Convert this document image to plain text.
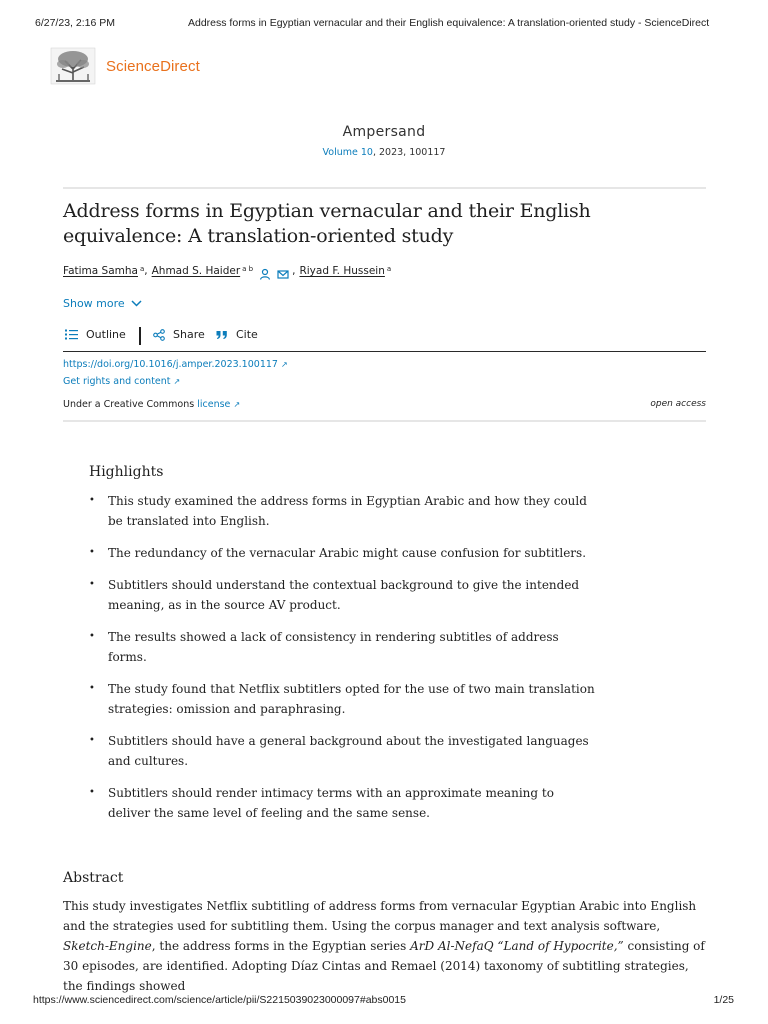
6/27/23, 2:16 PM	Address forms in Egyptian vernacular and their English equivalence: A translation-oriented study - ScienceDirect
ScienceDirect
Ampersand
Volume 10, 2023, 100117
Address forms in Egyptian vernacular and their English equivalence: A translation-oriented study
Fatima Samha a , Ahmad S. Haider a b	, Riyad F. Hussein a
Show more
Outline	Share	Cite
https://doi.org/10.1016/j.amper.2023.100117 ↗
Get rights and content ↗
Under a Creative Commons license ↗	open access
Highlights
• This study examined the address forms in Egyptian Arabic and how they could be translated into English.
• The redundancy of the vernacular Arabic might cause confusion for subtitlers.
• Subtitlers should understand the contextual background to give the intended meaning, as in the source AV product.
• The results showed a lack of consistency in rendering subtitles of address forms.
• The study found that Netflix subtitlers opted for the use of two main translation strategies: omission and paraphrasing.
• Subtitlers should have a general background about the investigated languages and cultures.
• Subtitlers should render intimacy terms with an approximate meaning to deliver the same level of feeling and the same sense.
Abstract

This study investigates Netflix subtitling of address forms from vernacular Egyptian Arabic into English and the strategies used for subtitling them. Using the corpus manager and text analysis software, Sketch-Engine, the address forms in the Egyptian series ArD Al-NefaQ “Land of Hypocrite,” consisting of 30 episodes, are identified. Adopting Díaz Cintas and Remael (2014) taxonomy of subtitling strategies, the findings showed

https://www.sciencedirect.com/science/article/pii/S2215039023000097#abs0015	1/25
